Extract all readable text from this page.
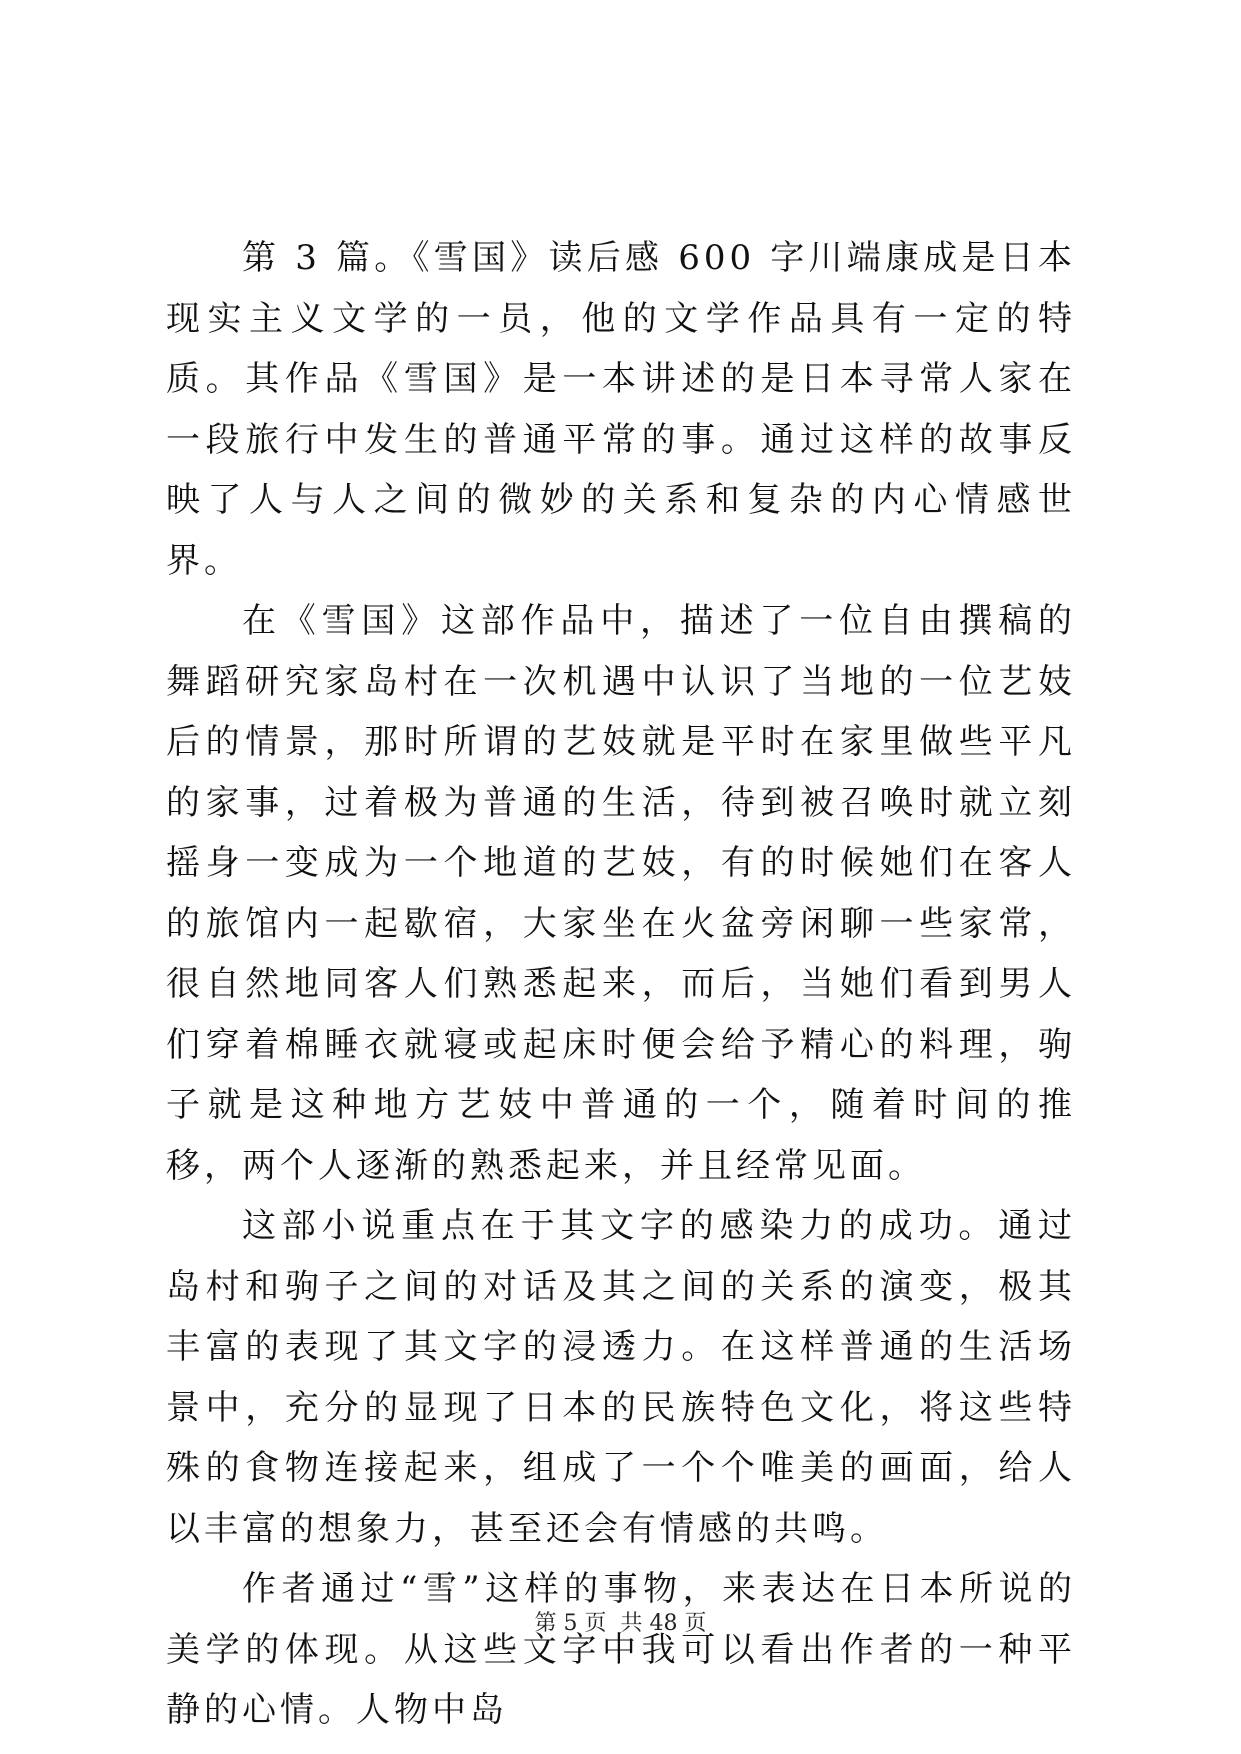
第 3 篇。《雪国》读后感 600 字川端康成是日本现实主义文学的一员，他的文学作品具有一定的特质。其作品《雪国》是一本讲述的是日本寻常人家在一段旅行中发生的普通平常的事。通过这样的故事反映了人与人之间的微妙的关系和复杂的内心情感世界。

在《雪国》这部作品中，描述了一位自由撰稿的舞蹈研究家岛村在一次机遇中认识了当地的一位艺妓后的情景，那时所谓的艺妓就是平时在家里做些平凡的家事，过着极为普通的生活，待到被召唤时就立刻摇身一变成为一个地道的艺妓，有的时候她们在客人的旅馆内一起歇宿，大家坐在火盆旁闲聊一些家常，很自然地同客人们熟悉起来，而后，当她们看到男人们穿着棉睡衣就寝或起床时便会给予精心的料理，驹子就是这种地方艺妓中普通的一个，随着时间的推移，两个人逐渐的熟悉起来，并且经常见面。

这部小说重点在于其文字的感染力的成功。通过岛村和驹子之间的对话及其之间的关系的演变，极其丰富的表现了其文字的浸透力。在这样普通的生活场景中，充分的显现了日本的民族特色文化，将这些特殊的食物连接起来，组成了一个个唯美的画面，给人以丰富的想象力，甚至还会有情感的共鸣。

作者通过“雪”这样的事物，来表达在日本所说的美学的体现。从这些文字中我可以看出作者的一种平静的心情。人物中岛

第 5 页 共 48 页
